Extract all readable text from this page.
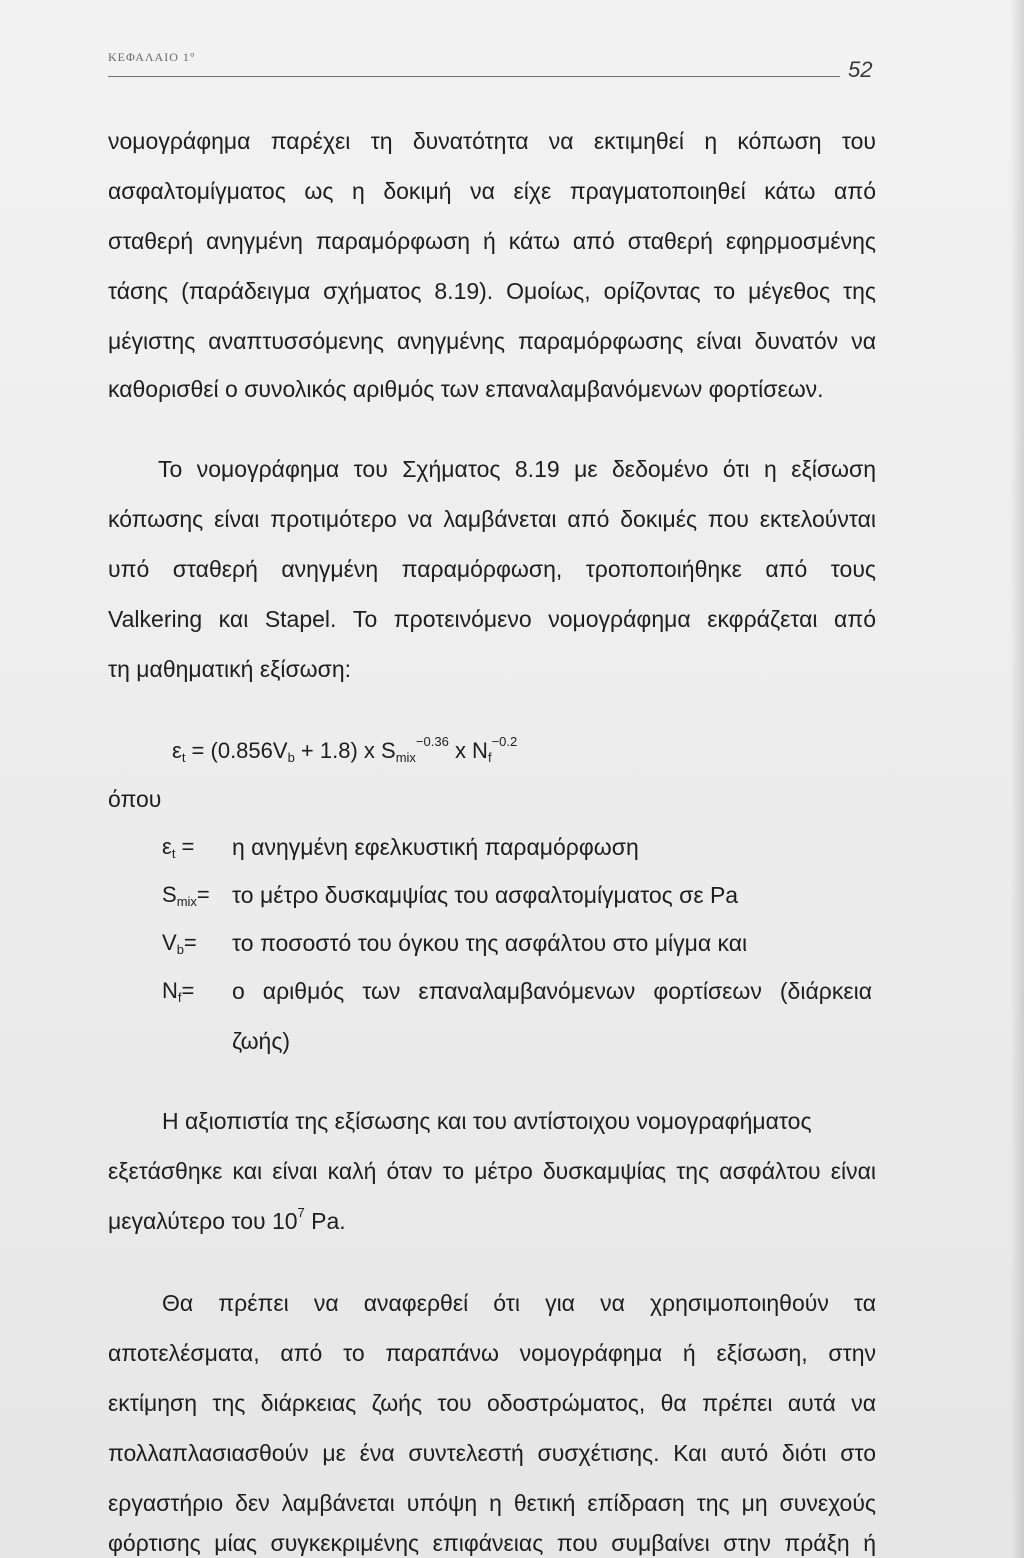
ΚΕΦΑΛΑΙΟ 1°	52
νομογράφημα παρέχει τη δυνατότητα να εκτιμηθεί η κόπωση του
ασφαλτομίγματος ως η δοκιμή να είχε πραγματοποιηθεί κάτω από
σταθερή ανηγμένη παραμόρφωση ή κάτω από σταθερή εφηρμοσμένης
τάσης (παράδειγμα σχήματος 8.19). Ομοίως, ορίζοντας το μέγεθος της
μέγιστης αναπτυσσόμενης ανηγμένης παραμόρφωσης είναι δυνατόν να
καθορισθεί ο συνολικός αριθμός των επαναλαμβανόμενων φορτίσεων.
Το νομογράφημα του Σχήματος 8.19 με δεδομένο ότι η εξίσωση
κόπωσης είναι προτιμότερο να λαμβάνεται από δοκιμές που εκτελούνται
υπό σταθερή ανηγμένη παραμόρφωση, τροποποιήθηκε από τους
Valkering και Stapel. Το προτεινόμενο νομογράφημα εκφράζεται από
τη μαθηματική εξίσωση:
$\varepsilon_t = (0.856V_b + 1.8)$ x $S_{mix}^{-0.36}$ x $N_f^{-0.2}$
όπου
$\varepsilon_t = \eta$ ανηγμένη εφελκυστική παραμόρφωση
$S_{mix}= \tau o$ μέτρο δυσκαμψίας του ασφαλτομίγματος σε Pa
$V_b= \tau o$ ποσοστό του όγκου της ασφάλτου στο μίγμα και
$N_f= o$ αριθμός των επαναλαμβανόμενων φορτίσεων (διάρκεια
ζωής)
Η αξιοπιστία της εξίσωσης και του αντίστοιχου νομογραφήματος
εξετάσθηκε και είναι καλή όταν το μέτρο δυσκαμψίας της ασφάλτου είναι
μεγαλύτερο του $10^7$ Pa.
Θα πρέπει να αναφερθεί ότι για να χρησιμοποιηθούν τα
αποτελέσματα, από το παραπάνω νομογράφημα ή εξίσωση, στην
εκτίμηση της διάρκειας ζωής του οδοστρώματος, θα πρέπει αυτά να
πολλαπλασιασθούν με ένα συντελεστή συσχέτισης. Και αυτό διότι στο
εργαστήριο δεν λαμβάνεται υπόψη η θετική επίδραση της μη συνεχούς
φόρτισης μίας συγκεκριμένης επιφάνειας που συμβαίνει στην πράξη ή
